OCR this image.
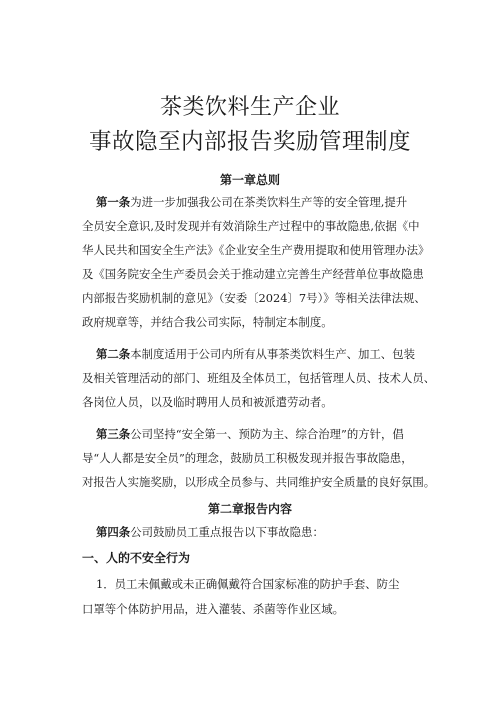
茶类饮料生产企业
事故隐至内部报告奖励管理制度
第一章总则
第一条为进一步加强我公司在茶类饮料生产等的安全管理,提升
全员安全意识,及时发现并有效消除生产过程中的事故隐患,依据《中
华人民共和国安全生产法》《企业安全生产费用提取和使用管理办法》
及《国务院安全生产委员会关于推动建立完善生产经营单位事故隐患
内部报告奖励机制的意见》（安委〔2024〕7号）》等相关法律法规、
政府规章等，并结合我公司实际，特制定本制度。
第二条本制度适用于公司内所有从事茶类饮料生产、加工、包装
及相关管理活动的部门、班组及全体员工，包括管理人员、技术人员、
各岗位人员，以及临时聘用人员和被派遣劳动者。
第三条公司坚持“安全第一、预防为主、综合治理”的方针，倡
导“人人都是安全员”的理念，鼓励员工积极发现并报告事故隐患，
对报告人实施奖励，以形成全员参与、共同维护安全质量的良好氛围。
第二章报告内容
第四条公司鼓励员工重点报告以下事故隐患：
一、人的不安全行为
1．员工未佩戴或未正确佩戴符合国家标准的防护手套、防尘
口罩等个体防护用品，进入灌装、杀菌等作业区域。
